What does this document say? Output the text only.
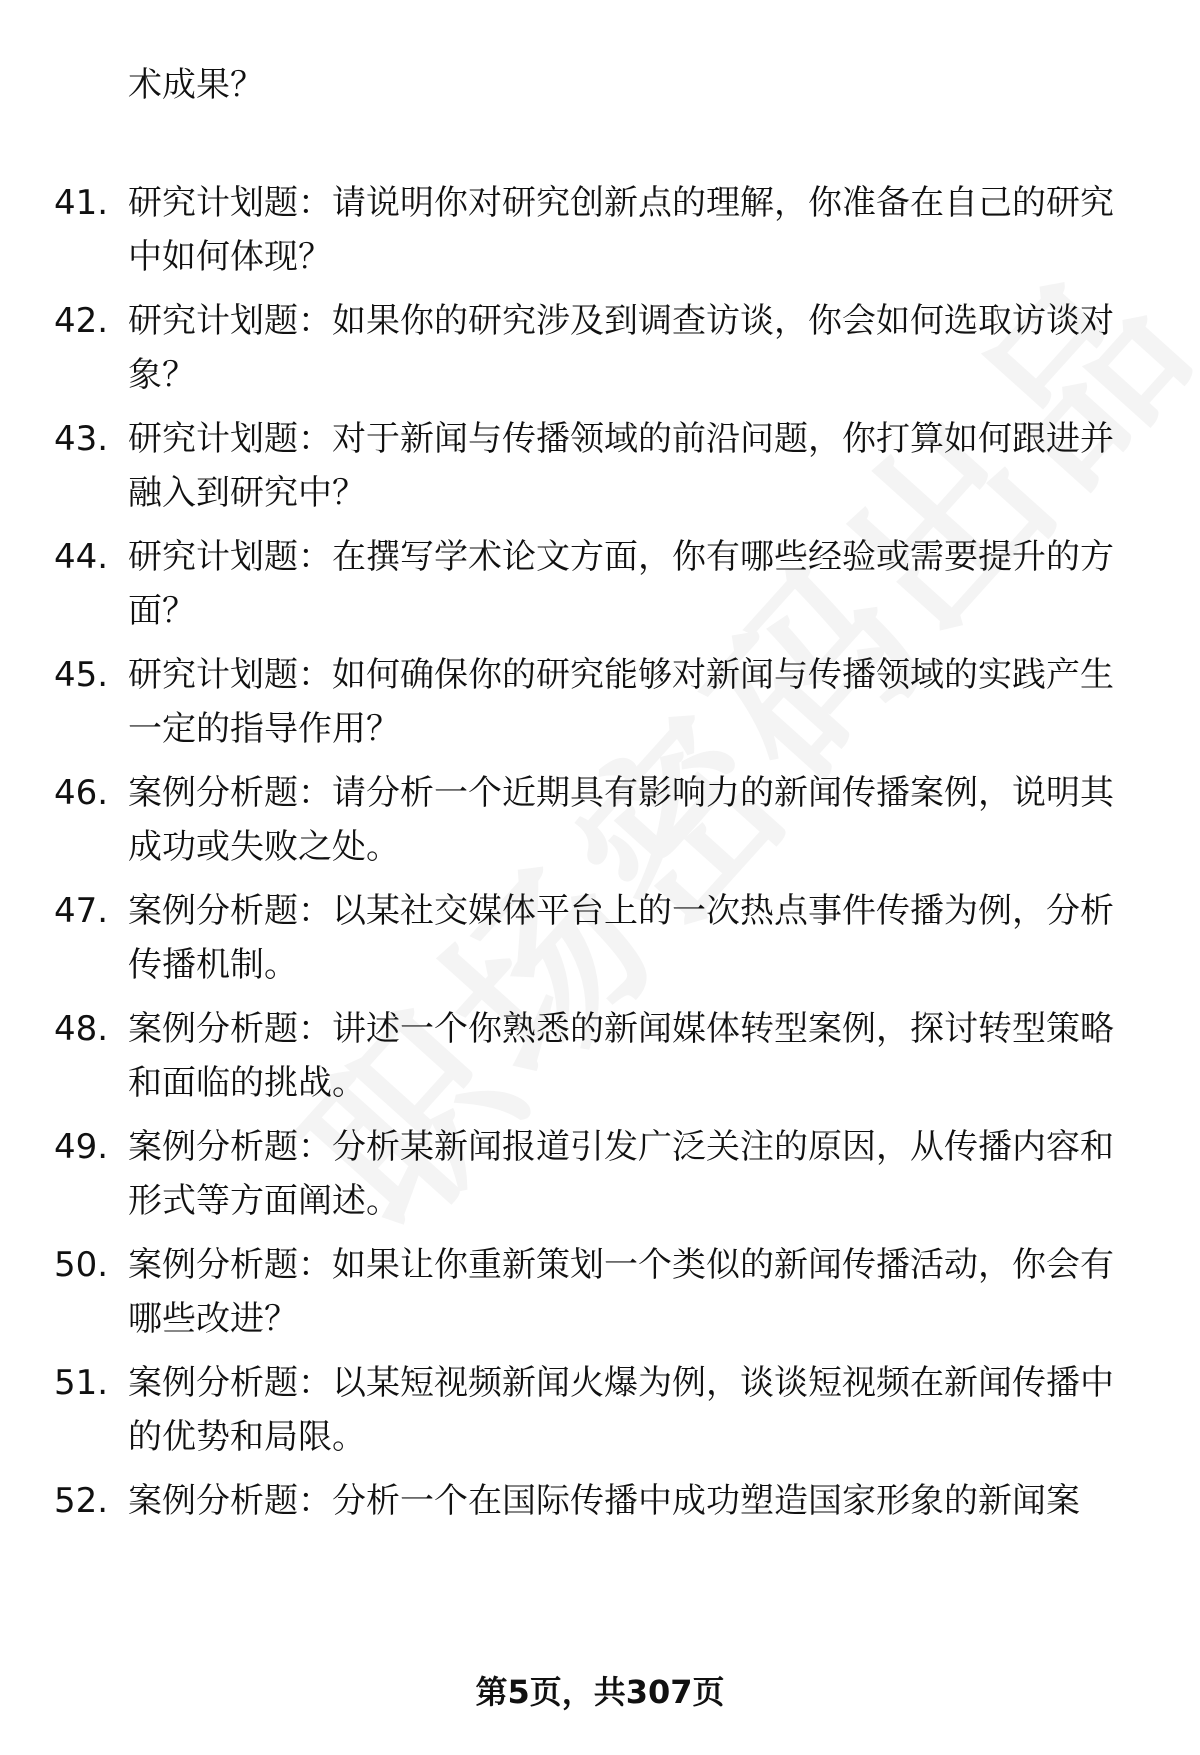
术成果？
41. 研究计划题：请说明你对研究创新点的理解，你准备在自己的研究中如何体现？
42. 研究计划题：如果你的研究涉及到调查访谈，你会如何选取访谈对象？
43. 研究计划题：对于新闻与传播领域的前沿问题，你打算如何跟进并融入到研究中？
44. 研究计划题：在撰写学术论文方面，你有哪些经验或需要提升的方面？
45. 研究计划题：如何确保你的研究能够对新闻与传播领域的实践产生一定的指导作用？
46. 案例分析题：请分析一个近期具有影响力的新闻传播案例，说明其成功或失败之处。
47. 案例分析题：以某社交媒体平台上的一次热点事件传播为例，分析传播机制。
48. 案例分析题：讲述一个你熟悉的新闻媒体转型案例，探讨转型策略和面临的挑战。
49. 案例分析题：分析某新闻报道引发广泛关注的原因，从传播内容和形式等方面阐述。
50. 案例分析题：如果让你重新策划一个类似的新闻传播活动，你会有哪些改进？
51. 案例分析题：以某短视频新闻火爆为例，谈谈短视频在新闻传播中的优势和局限。
52. 案例分析题：分析一个在国际传播中成功塑造国家形象的新闻案
第5页，共307页
